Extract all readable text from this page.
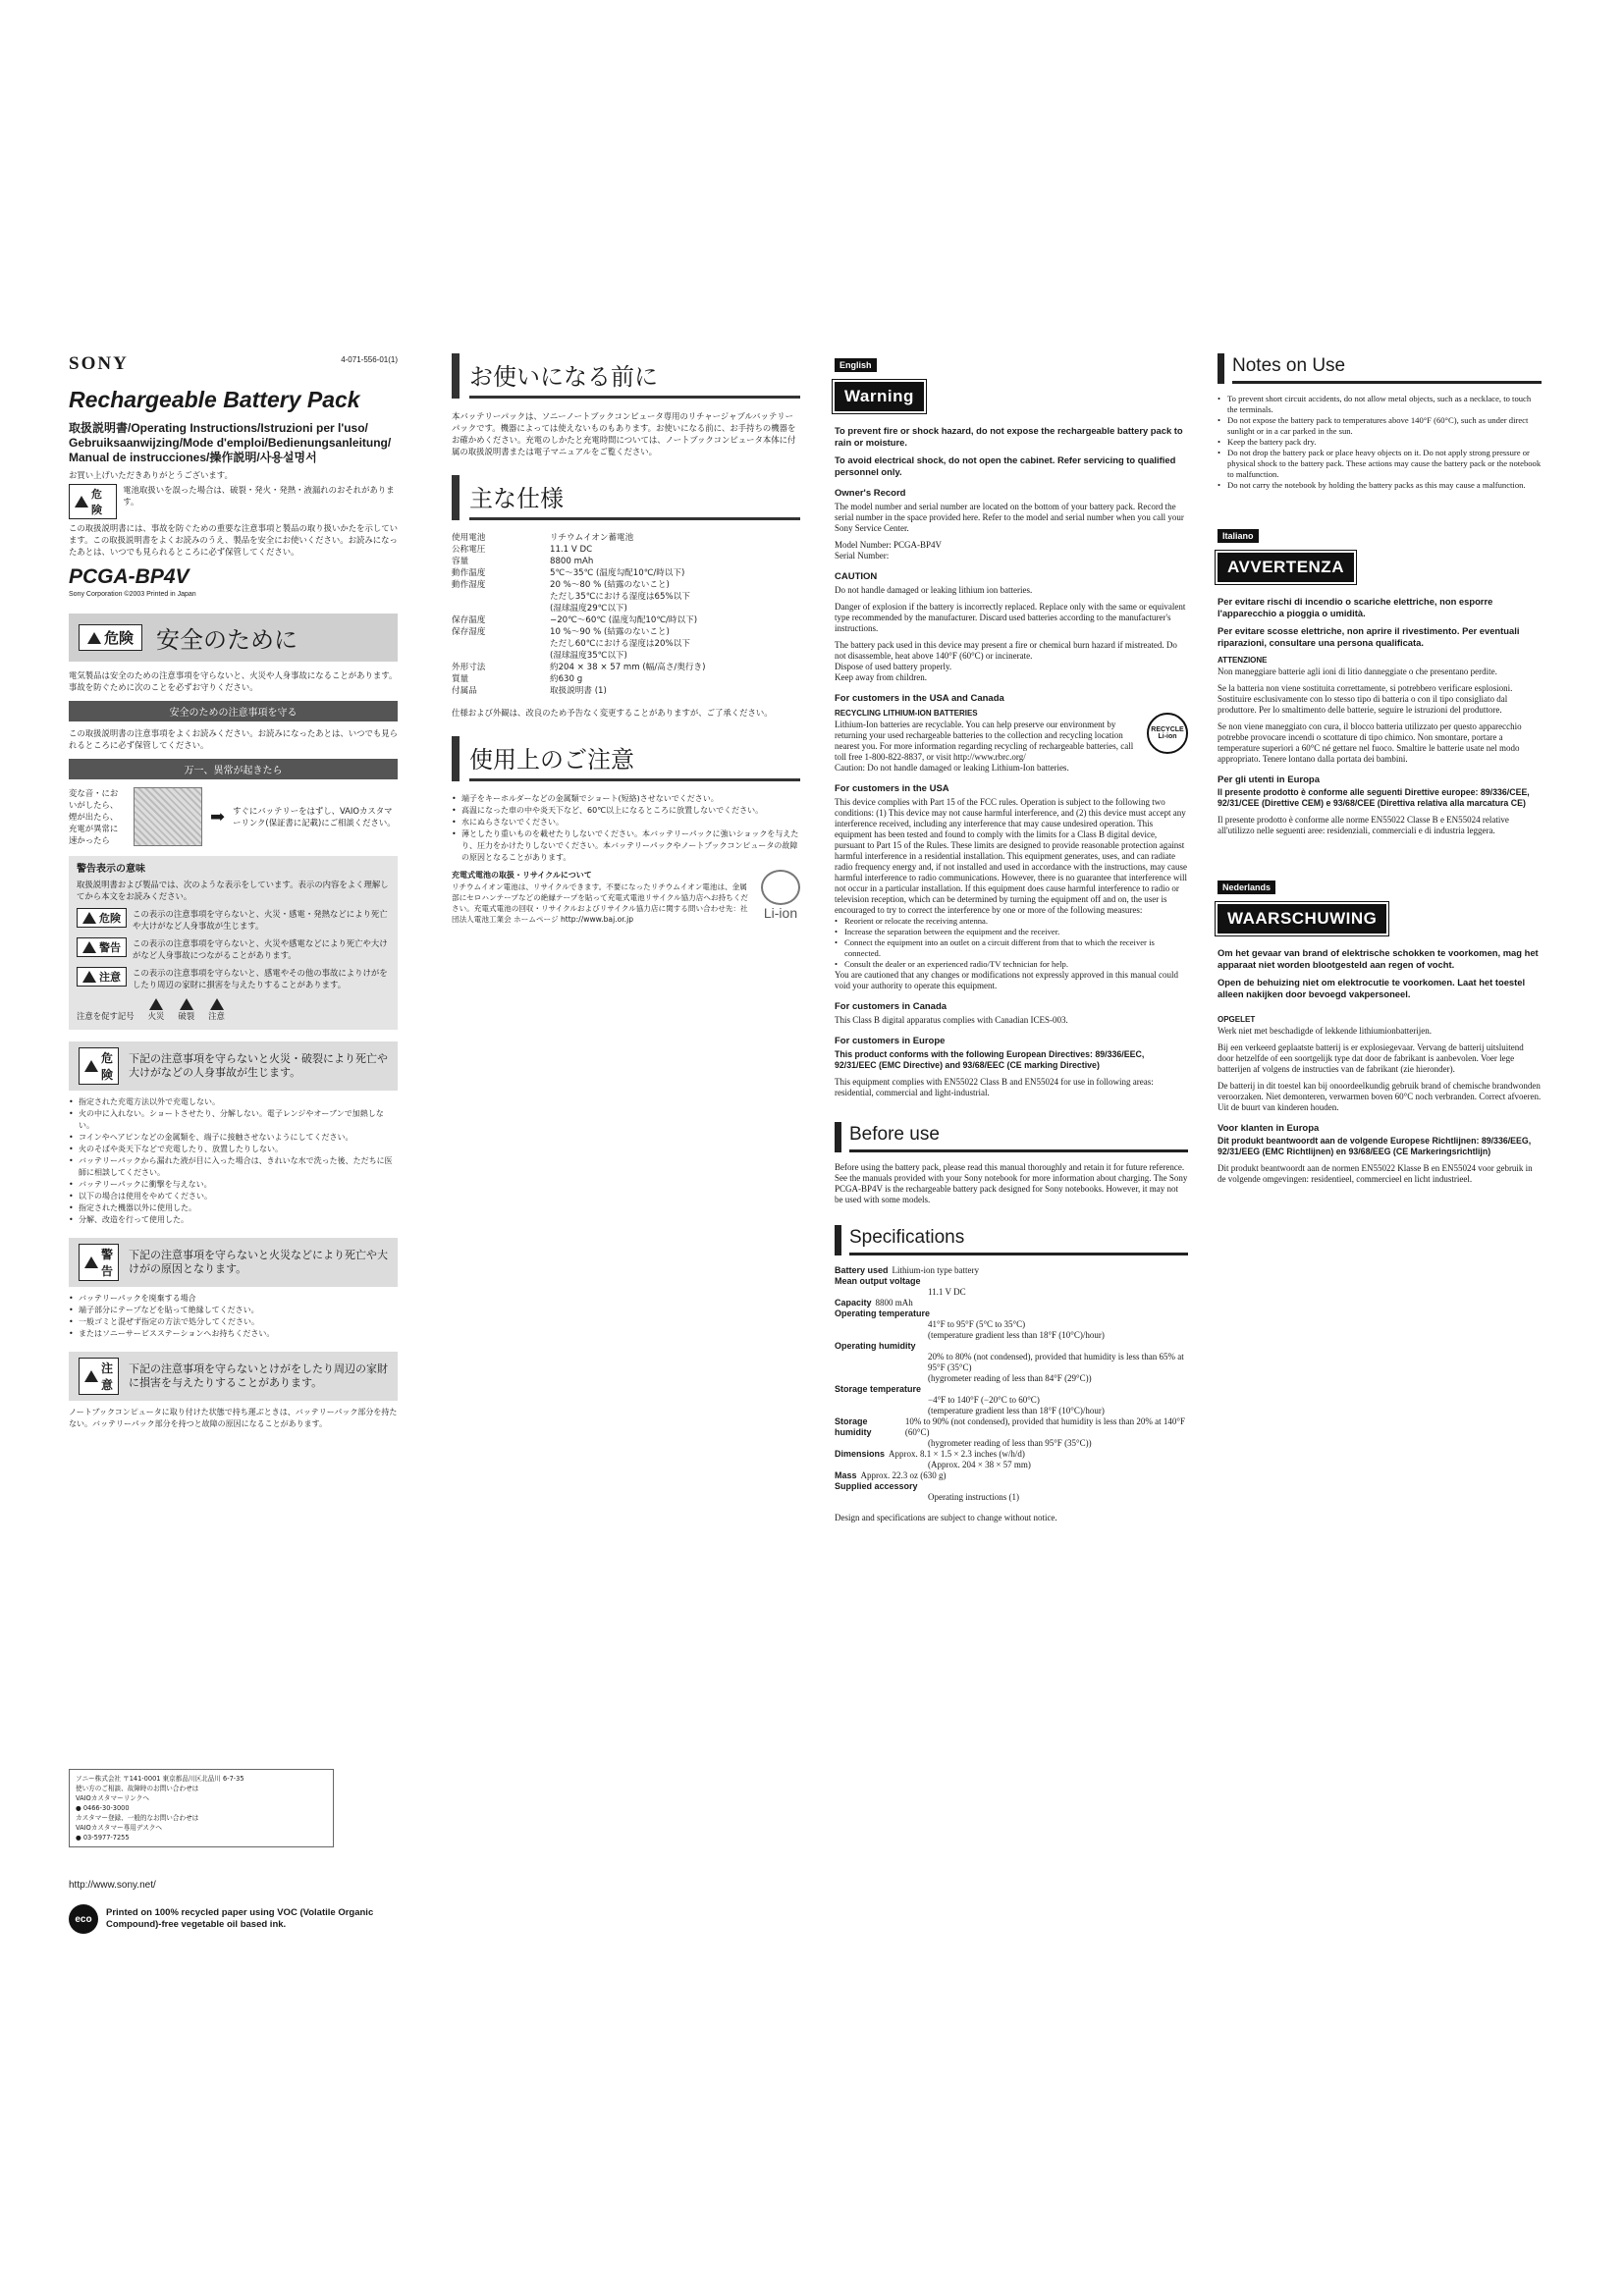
4-071-556-01(1)
SONY
Rechargeable Battery Pack
取扱説明書/Operating Instructions/Istruzioni per l'uso/ Gebruiksaanwijzing/Mode d'emploi/Bedienungsanleitung/ Manual de instrucciones/操作説明/사용설명서
お買い上げいただきありがとうございます。
危険
電池取扱いを誤った場合は、破裂・発火・発熱・液漏れのおそれがあります。
この取扱説明書には、事故を防ぐための重要な注意事項と製品の取り扱いかたを示しています。この取扱説明書をよくお読みのうえ、製品を安全にお使いください。お読みになったあとは、いつでも見られるところに必ず保管してください。
PCGA-BP4V
Sony Corporation ©2003 Printed in Japan
危険 安全のために

電気製品は安全のための注意事項を守らないと、火災や人身事故になることがあります。事故を防ぐために次のことを必ずお守りください。

安全のための注意事項を守る

この取扱説明書の注意事項をよくお読みください。お読みになったあとは、いつでも見られるところに必ず保管してください。

万一、異常が起きたら
変な音・においがしたら、煙が出たら、充電が異常に速かったら
➡ すぐにバッテリーをはずし、VAIOカスタマーリンク(保証書に記載)にご相談ください。
警告表示の意味

取扱説明書および製品では、次のような表示をしています。表示の内容をよく理解してから本文をお読みください。

危険 この表示の注意事項を守らないと、火災・感電・発熱などにより死亡や大けがなど人身事故が生じます。
警告 この表示の注意事項を守らないと、火災や感電などにより死亡や大けがなど人身事故につながることがあります。
注意 この表示の注意事項を守らないと、感電やその他の事故によりけがをしたり周辺の家財に損害を与えたりすることがあります。
注意を促す記号 火災 破裂 注意
危険
下記の注意事項を守らないと火災・破裂により死亡や大けがなどの人身事故が生じます。
• 指定された充電方法以外で充電しない。
• 火の中に入れない。ショートさせたり、分解しない。電子レンジやオーブンで加熱しない。
• コインやヘアピンなどの金属類を、端子に接触させないようにしてください。
• 火のそばや炎天下などで充電したり、放置したりしない。
• バッテリーパックから漏れた液が目に入った場合は、きれいな水で洗った後、ただちに医師に相談してください。
• バッテリーパックに衝撃を与えない。
• 以下の場合は使用をやめてください。
• 指定された機器以外に使用した。
• 分解、改造を行って使用した。
警告
下記の注意事項を守らないと火災などにより死亡や大けがの原因となります。
• バッテリーパックを廃棄する場合
• 端子部分にテープなどを貼って絶縁してください。
• 一般ゴミと混ぜず指定の方法で処分してください。
• またはソニーサービスステーションへお持ちください。
注意
下記の注意事項を守らないとけがをしたり周辺の家財に損害を与えたりすることがあります。

ノートブックコンピュータに取り付けた状態で持ち運ぶときは、バッテリーパック部分を持たない。バッテリーパック部分を持つと故障の原因になることがあります。

ソニー株式会社 〒141-0001 東京都品川区北品川 6-7-35

使い方のご相談、故障時のお問い合わせは

VAIOカスタマーリンクへ

● 0466-30-3000

カスタマー登録、一般的なお問い合わせは

VAIOカスタマー専用デスクへ

● 03-5977-7255

http://www.sony.net/
eco
Printed on 100% recycled paper using VOC (Volatile Organic Compound)-free vegetable oil based ink.
お使いになる前に

本バッテリーパックは、ソニーノートブックコンピュータ専用のリチャージャブルバッテリーパックです。機器によっては使えないものもあります。お使いになる前に、お手持ちの機器をお確かめください。充電のしかたと充電時間については、ノートブックコンピュータ本体に付属の取扱説明書または電子マニュアルをご覧ください。

主な仕様
使用電池	リチウムイオン蓄電池
公称電圧	11.1 V DC
容量	8800 mAh
動作温度	5℃〜35℃ (温度勾配10℃/時以下)
動作湿度	20 %〜80 % (結露のないこと)
	ただし35℃における湿度は65%以下
	(湿球温度29℃以下)
保存温度	−20℃〜60℃ (温度勾配10℃/時以下)
保存湿度	10 %〜90 % (結露のないこと)
	ただし60℃における湿度は20%以下
	(湿球温度35℃以下)
外形寸法	約204 × 38 × 57 mm (幅/高さ/奥行き)
質量	約630 g
付属品	取扱説明書 (1)

仕様および外観は、改良のため予告なく変更することがありますが、ご了承ください。

使用上のご注意
• 端子をキーホルダーなどの金属類でショート(短絡)させないでください。
• 高温になった車の中や炎天下など、60℃以上になるところに放置しないでください。
• 水にぬらさないでください。
• 薄としたり重いものを載せたりしないでください。本バッテリーパックに強いショックを与えたり、圧力をかけたりしないでください。本バッテリーパックやノートブックコンピュータの故障の原因となることがあります。

充電式電池の取扱・リサイクルについて

リチウムイオン電池は、リサイクルできます。不要になったリチウムイオン電池は、金属部にセロハンテープなどの絶縁テープを貼って充電式電池リサイクル協力店へお持ちください。充電式電池の回収・リサイクルおよびリサイクル協力店に関する問い合わせ先：社団法人電池工業会 ホームページ http://www.baj.or.jp	Li-ion
English
Warning

To prevent fire or shock hazard, do not expose the rechargeable battery pack to rain or moisture.

To avoid electrical shock, do not open the cabinet. Refer servicing to qualified personnel only.

Owner's Record

The model number and serial number are located on the bottom of your battery pack. Record the serial number in the space provided here. Refer to the model and serial number when you call your Sony Service Center.

Model Number: PCGA-BP4V

Serial Number:

CAUTION

Do not handle damaged or leaking lithium ion batteries.

Danger of explosion if the battery is incorrectly replaced. Replace only with the same or equivalent type recommended by the manufacturer. Discard used batteries according to the manufacturer's instructions.

The battery pack used in this device may present a fire or chemical burn hazard if mistreated. Do not disassemble, heat above 140°F (60°C) or incinerate.

Dispose of used battery properly.

Keep away from children.

For customers in the USA and Canada

RECYCLING LITHIUM-ION BATTERIES

Lithium-Ion batteries are recyclable. You can help preserve our environment by returning your used rechargeable batteries to the collection and recycling location nearest you. For more information regarding recycling of rechargeable batteries, call toll free 1-800-822-8837, or visit http://www.rbrc.org/

RECYCLE Li-ion

Caution: Do not handle damaged or leaking Lithium-Ion batteries.

For customers in the USA

This device complies with Part 15 of the FCC rules. Operation is subject to the following two conditions: (1) This device may not cause harmful interference, and (2) this device must accept any interference received, including any interference that may cause undesired operation. This equipment has been tested and found to comply with the limits for a Class B digital device, pursuant to Part 15 of the Rules. These limits are designed to provide reasonable protection against harmful interference in a residential installation. This equipment generates, uses, and can radiate radio frequency energy and, if not installed and used in accordance with the instructions, may cause harmful interference to radio communications. However, there is no guarantee that interference will not occur in a particular installation. If this equipment does cause harmful interference to radio or television reception, which can be determined by turning the equipment off and on, the user is encouraged to try to correct the interference by one or more of the following measures:

• Reorient or relocate the receiving antenna.
• Increase the separation between the equipment and the receiver.
• Connect the equipment into an outlet on a circuit different from that to which the receiver is connected.
• Consult the dealer or an experienced radio/TV technician for help.

You are cautioned that any changes or modifications not expressly approved in this manual could void your authority to operate this equipment.

For customers in Canada

This Class B digital apparatus complies with Canadian ICES-003.

For customers in Europe

This product conforms with the following European Directives: 89/336/EEC, 92/31/EEC (EMC Directive) and 93/68/EEC (CE marking Directive)

This equipment complies with EN55022 Class B and EN55024 for use in following areas: residential, commercial and light-industrial.

Before use

Before using the battery pack, please read this manual thoroughly and retain it for future reference. See the manuals provided with your Sony notebook for more information about charging. The Sony PCGA-BP4V is the rechargeable battery pack designed for Sony notebooks. However, it may not be used with some models.

Specifications
Battery used Lithium-ion type battery
Mean output voltage
11.1 V DC
Capacity 8800 mAh
Operating temperature
41°F to 95°F (5°C to 35°C)
(temperature gradient less than 18°F (10°C)/hour)
Operating humidity
20% to 80% (not condensed), provided that humidity is less than 65% at 95°F (35°C)
(hygrometer reading of less than 84°F (29°C))
Storage temperature
−4°F to 140°F (−20°C to 60°C)
(temperature gradient less than 18°F (10°C)/hour)
Storage humidity
10% to 90% (not condensed), provided that humidity is less than 20% at 140°F (60°C)
(hygrometer reading of less than 95°F (35°C))
Dimensions Approx. 8.1 × 1.5 × 2.3 inches (w/h/d)
(Approx. 204 × 38 × 57 mm)
Mass Approx. 22.3 oz (630 g)
Supplied accessory
Operating instructions (1)

Design and specifications are subject to change without notice.

Notes on Use
• To prevent short circuit accidents, do not allow metal objects, such as a necklace, to touch the terminals.
• Do not expose the battery pack to temperatures above 140°F (60°C), such as under direct sunlight or in a car parked in the sun.
• Keep the battery pack dry.
• Do not drop the battery pack or place heavy objects on it. Do not apply strong pressure or physical shock to the battery pack. These actions may cause the battery pack or the notebook to malfunction.
• Do not carry the notebook by holding the battery packs as this may cause a malfunction.
Italiano
AVVERTENZA

Per evitare rischi di incendio o scariche elettriche, non esporre l'apparecchio a pioggia o umidità.

Per evitare scosse elettriche, non aprire il rivestimento. Per eventuali riparazioni, consultare una persona qualificata.

ATTENZIONE

Non maneggiare batterie agli ioni di litio danneggiate o che presentano perdite.

Se la batteria non viene sostituita correttamente, si potrebbero verificare esplosioni. Sostituire esclusivamente con lo stesso tipo di batteria o con il tipo consigliato dal produttore. Per lo smaltimento delle batterie, seguire le istruzioni del produttore.

Se non viene maneggiato con cura, il blocco batteria utilizzato per questo apparecchio potrebbe provocare incendi o scottature di tipo chimico. Non smontare, portare a temperature superiori a 60°C né gettare nel fuoco. Smaltire le batterie usate nel modo appropriato. Tenere lontano dalla portata dei bambini.

Per gli utenti in Europa

Il presente prodotto è conforme alle seguenti Direttive europee: 89/336/CEE, 92/31/CEE (Direttive CEM) e 93/68/CEE (Direttiva relativa alla marcatura CE)

Il presente prodotto è conforme alle norme EN55022 Classe B e EN55024 relative all'utilizzo nelle seguenti aree: residenziali, commerciali e di industria leggera.

Nederlands
WAARSCHUWING

Om het gevaar van brand of elektrische schokken te voorkomen, mag het apparaat niet worden blootgesteld aan regen of vocht.

Open de behuizing niet om elektrocutie te voorkomen. Laat het toestel alleen nakijken door bevoegd vakpersoneel.

OPGELET

Werk niet met beschadigde of lekkende lithiumionbatterijen.

Bij een verkeerd geplaatste batterij is er explosiegevaar. Vervang de batterij uitsluitend door hetzelfde of een soortgelijk type dat door de fabrikant is aanbevolen. Voer lege batterijen af volgens de instructies van de fabrikant (zie hieronder).

De batterij in dit toestel kan bij onoordeelkundig gebruik brand of chemische brandwonden veroorzaken. Niet demonteren, verwarmen boven 60°C noch verbranden. Correct afvoeren. Uit de buurt van kinderen houden.

Voor klanten in Europa

Dit produkt beantwoordt aan de volgende Europese Richtlijnen: 89/336/EEG, 92/31/EEG (EMC Richtlijnen) en 93/68/EEG (CE Markeringsrichtlijn)

Dit produkt beantwoordt aan de normen EN55022 Klasse B en EN55024 voor gebruik in de volgende omgevingen: residentieel, commercieel en licht industrieel.
